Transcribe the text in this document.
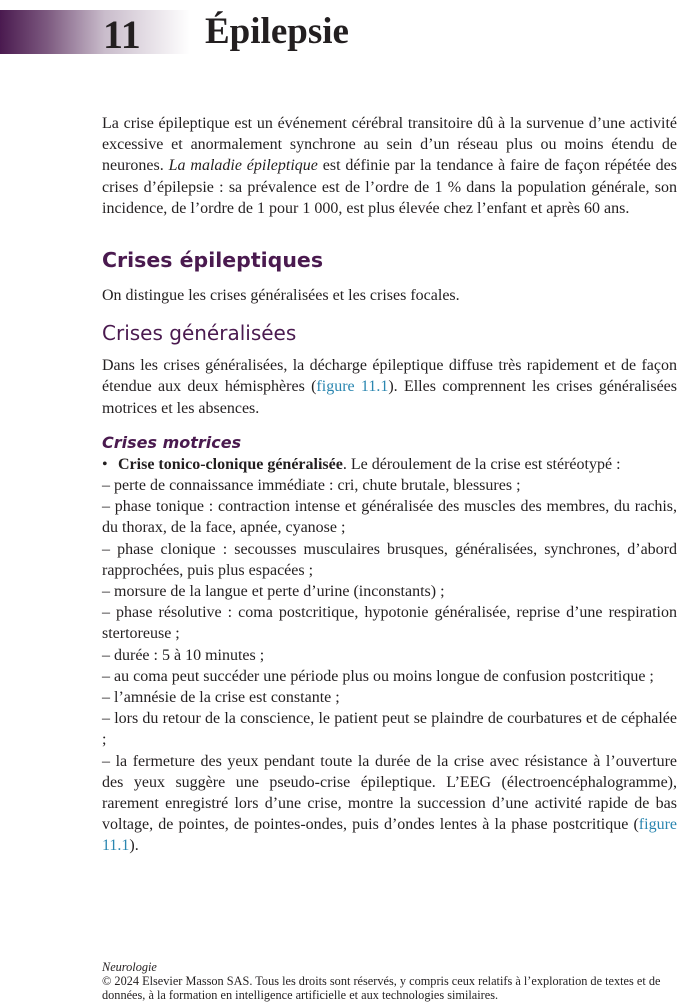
11 Épilepsie

La crise épileptique est un événement cérébral transitoire dû à la survenue d’une activité excessive et anormalement synchrone au sein d’un réseau plus ou moins étendu de neurones. La maladie épileptique est définie par la tendance à faire de façon répétée des crises d’épilepsie : sa prévalence est de l’ordre de 1 % dans la population générale, son incidence, de l’ordre de 1 pour 1 000, est plus élevée chez l’enfant et après 60 ans.

Crises épileptiques

On distingue les crises généralisées et les crises focales.

Crises généralisées

Dans les crises généralisées, la décharge épileptique diffuse très rapidement et de façon étendue aux deux hémisphères (figure 11.1). Elles comprennent les crises généralisées motrices et les absences.

Crises motrices

• Crise tonico-clonique généralisée. Le déroulement de la crise est stéréotypé :

– perte de connaissance immédiate : cri, chute brutale, blessures ;

– phase tonique : contraction intense et généralisée des muscles des membres, du rachis, du thorax, de la face, apnée, cyanose ;

– phase clonique : secousses musculaires brusques, généralisées, synchrones, d’abord rapprochées, puis plus espacées ;

– morsure de la langue et perte d’urine (inconstants) ;

– phase résolutive : coma postcritique, hypotonie généralisée, reprise d’une respiration stertoreuse ;

– durée : 5 à 10 minutes ;

– au coma peut succéder une période plus ou moins longue de confusion postcritique ;

– l’amnésie de la crise est constante ;

– lors du retour de la conscience, le patient peut se plaindre de courbatures et de céphalée ;

– la fermeture des yeux pendant toute la durée de la crise avec résistance à l’ouverture des yeux suggère une pseudo-crise épileptique. L’EEG (électroencéphalogramme), rarement enregistré lors d’une crise, montre la succession d’une activité rapide de bas voltage, de pointes, de pointes-ondes, puis d’ondes lentes à la phase postcritique (figure 11.1).

Neurologie
© 2024 Elsevier Masson SAS. Tous les droits sont réservés, y compris ceux relatifs à l’exploration de textes et de données, à la formation en intelligence artificielle et aux technologies similaires.
